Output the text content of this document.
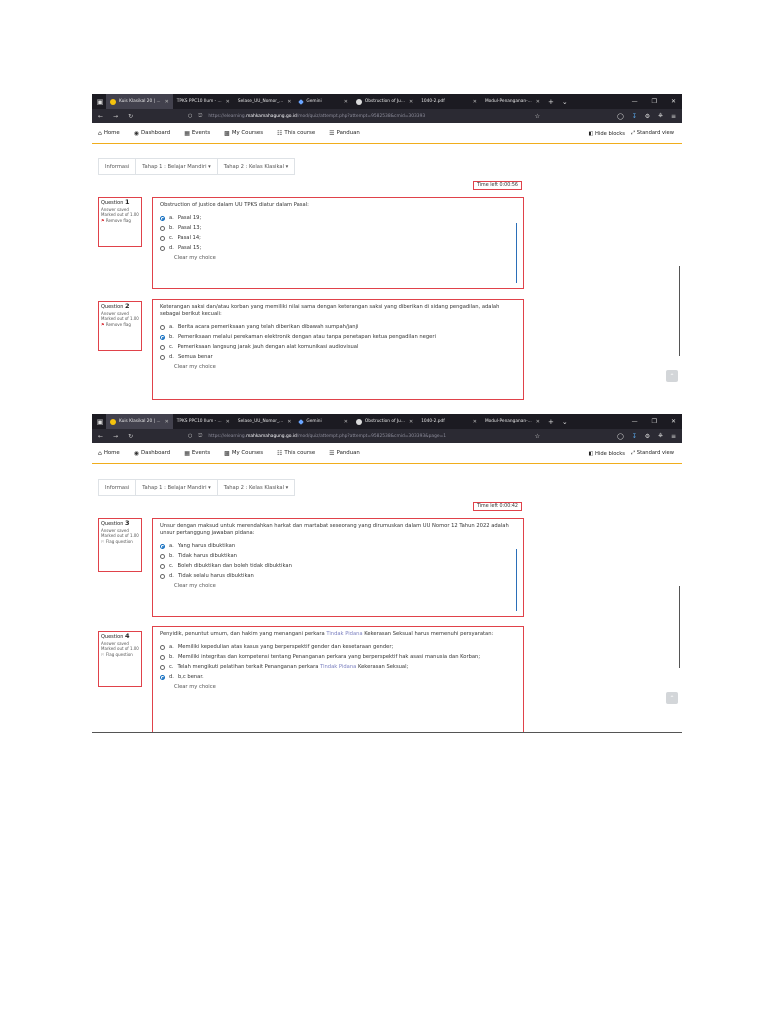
▣	Kuis Klasikal 20 | ... ✕ TPKS PPC10 Ilum - ... ✕ Selase_UU_Nomor_... ✕	Gemini	✕	Obstruction of Ju... ✕ 1040-2.pdf	✕ Modul-Penanganan-... ✕	+	⌄	— ❐ ✕
← → ↻	○ ⎋ https://elearning. mahkamahagung.go.id /mod/quiz/attempt.php?attempt=9582538&cmid=303393	☆	◯ ↧ ⚙ ⎈ ≡
⌂ Home ◉ Dashboard ▦ Events ▩ My Courses ☷ This course ☰ Panduan	◧ Hide blocks ⤢ Standard view
Informasi	Tahap 1 : Belajar Mandiri ▾	Tahap 2 : Kelas Klasikal ▾
Time left 0:00:56
Question 1
Answer saved
Marked out of 1.00
⚑ Remove flag
Obstruction of justice dalam UU TPKS diatur dalam Pasal:
a. Pasal 19;
b. Pasal 13;
c. Pasal 14;
d. Pasal 15;
Clear my choice
Question 2
Answer saved
Marked out of 1.00
⚑ Remove flag
Keterangan saksi dan/atau korban yang memiliki nilai sama dengan keterangan saksi yang diberikan di sidang pengadilan, adalah sebagai berikut kecuali:
a. Berita acara pemeriksaan yang telah diberikan dibawah sumpah/janji
b. Pemeriksaan melalui perekaman elektronik dengan atau tanpa penetapan ketua pengadilan negeri
c. Pemeriksaan langsung jarak jauh dengan alat komunikasi audiovisual
d. Semua benar
Clear my choice
⌃
▣	Kuis Klasikal 20 | ... ✕ TPKS PPC10 Ilum - ... ✕ Selase_UU_Nomor_... ✕	Gemini	✕	Obstruction of Ju... ✕ 1040-2.pdf	✕ Modul-Penanganan-... ✕	+	⌄	— ❐ ✕
← → ↻	○ ⎋ https://elearning. mahkamahagung.go.id /mod/quiz/attempt.php?attempt=9582538&cmid=303393&page=1	☆	◯ ↧ ⚙ ⎈ ≡
⌂ Home ◉ Dashboard ▦ Events ▩ My Courses ☷ This course ☰ Panduan	◧ Hide blocks ⤢ Standard view
Informasi	Tahap 1 : Belajar Mandiri ▾	Tahap 2 : Kelas Klasikal ▾
Time left 0:00:42
Question 3
Answer saved
Marked out of 1.00
⚐ Flag question
Unsur dengan maksud untuk merendahkan harkat dan martabat seseorang yang dirumuskan dalam UU Nomor 12 Tahun 2022 adalah unsur pertanggung jawaban pidana:
a. Yang harus dibuktikan
b. Tidak harus dibuktikan
c. Boleh dibuktikan dan boleh tidak dibuktikan
d. Tidak selalu harus dibuktikan
Clear my choice
Question 4
Answer saved
Marked out of 1.00
⚐ Flag question
Penyidik, penuntut umum, dan hakim yang menangani perkara Tindak Pidana Kekerasan Seksual harus memenuhi persyaratan:
a. Memiliki kepedulian atas kasus yang berperspektif gender dan kesetaraan gender;
b. Memiliki integritas dan kompetensi tentang Penanganan perkara yang berperspektif hak asasi manusia dan Korban;
c. Telah mengikuti pelatihan terkait Penanganan perkara Tindak Pidana Kekerasan Seksual;
d. b,c benar.
Clear my choice
⌃
